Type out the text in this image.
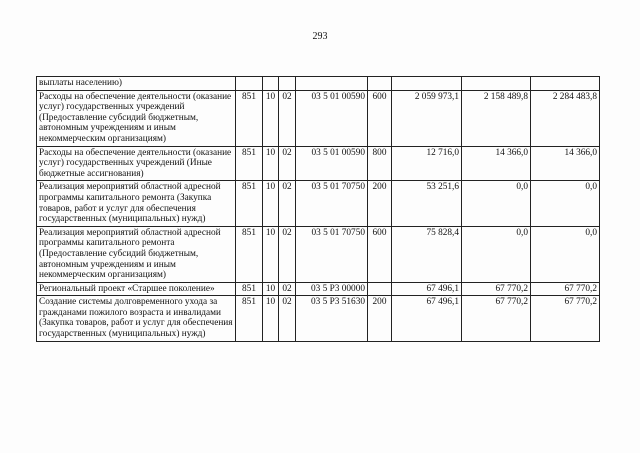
293
выплаты населению)								
Расходы на обеспечение деятельности (оказание услуг) государственных учреждений (Предоставление субсидий бюджетным, автономным учреждениям и иным некоммерческим организациям)	851	10	02	03 5 01 00590	600	2 059 973,1	2 158 489,8	2 284 483,8
Расходы на обеспечение деятельности (оказание услуг) государственных учреждений (Иные бюджетные ассигнования)	851	10	02	03 5 01 00590	800	12 716,0	14 366,0	14 366,0
Реализация мероприятий областной адресной программы капитального ремонта (Закупка товаров, работ и услуг для обеспечения государственных (муниципальных) нужд)	851	10	02	03 5 01 70750	200	53 251,6	0,0	0,0
Реализация мероприятий областной адресной программы капитального ремонта (Предоставление субсидий бюджетным, автономным учреждениям и иным некоммерческим организациям)	851	10	02	03 5 01 70750	600	75 828,4	0,0	0,0
Региональный проект «Старшее поколение»	851	10	02	03 5 P3 00000		67 496,1	67 770,2	67 770,2
Создание системы долговременного ухода за гражданами пожилого возраста и инвалидами (Закупка товаров, работ и услуг для обеспечения государственных (муниципальных) нужд)	851	10	02	03 5 P3 51630	200	67 496,1	67 770,2	67 770,2
